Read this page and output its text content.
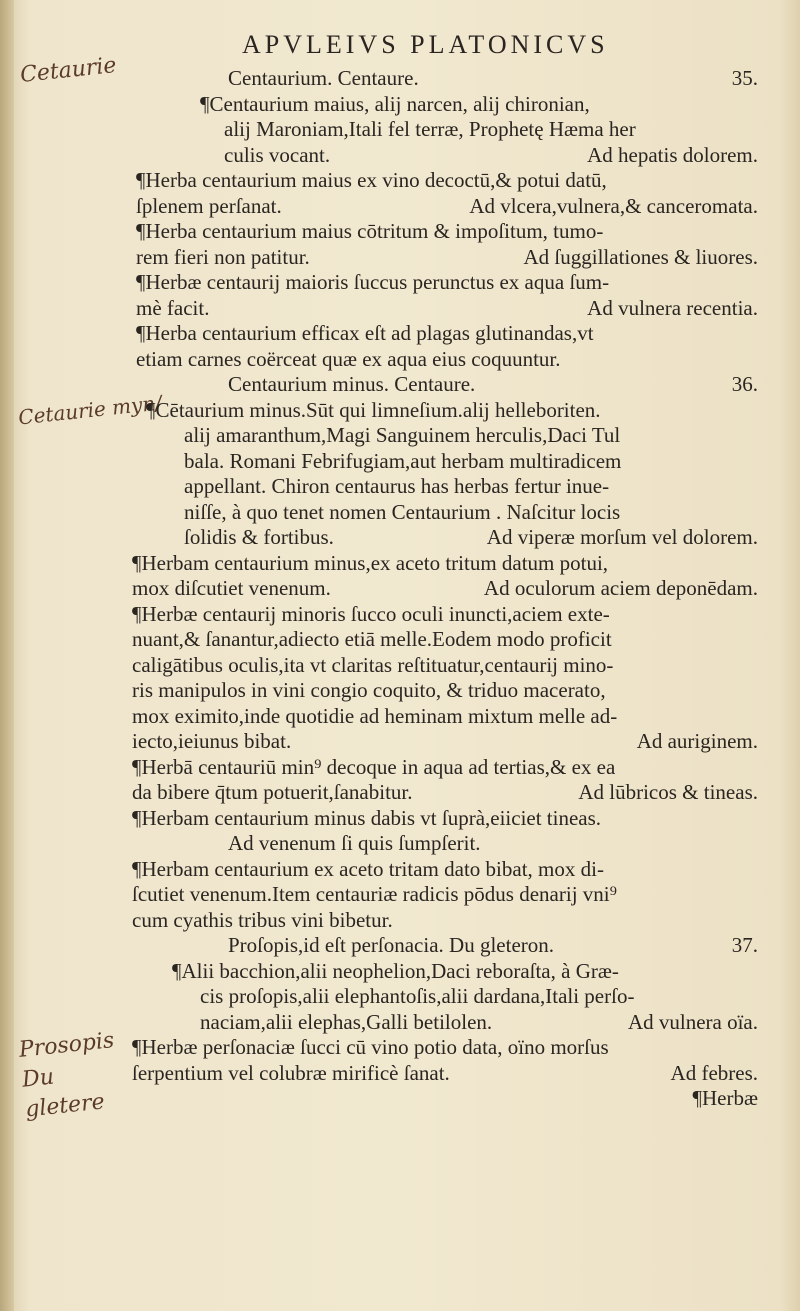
APVLEIVS PLATONICVS
Cetaurie
Cetaurie myn/
Prosopis Du gletere
Centaurium. Centaure.	35.
¶Centaurium maius, alij narcen, alij chironian,
alij Maroniam,Itali fel terræ, Prophetę Hæma her
culis vocant.	Ad hepatis dolorem.
¶Herba centaurium maius ex vino decoctū,& potui datū,
ſplenem perſanat.	Ad vlcera,vulnera,& canceromata.
¶Herba centaurium maius cōtritum & impoſitum, tumo-
rem fieri non patitur.	Ad ſuggillationes & liuores.
¶Herbæ centaurij maioris ſuccus perunctus ex aqua ſum-
mè facit.	Ad vulnera recentia.
¶Herba centaurium efficax eſt ad plagas glutinandas,vt
etiam carnes coërceat quæ ex aqua eius coquuntur.
Centaurium minus. Centaure.	36.
¶Cētaurium minus.Sūt qui limneſium.alij helleboriten.
alij amaranthum,Magi Sanguinem herculis,Daci Tul
bala. Romani Febrifugiam,aut herbam multiradicem
appellant. Chiron centaurus has herbas fertur inue-
niſſe, à quo tenet nomen Centaurium . Naſcitur locis
ſolidis & fortibus.	Ad viperæ morſum vel dolorem.
¶Herbam centaurium minus,ex aceto tritum datum potui,
mox diſcutiet venenum.	Ad oculorum aciem deponēdam.
¶Herbæ centaurij minoris ſucco oculi inuncti,aciem exte-
nuant,& ſanantur,adiecto etiā melle.Eodem modo proficit
caligātibus oculis,ita vt claritas reſtituatur,centaurij mino-
ris manipulos in vini congio coquito, & triduo macerato,
mox eximito,inde quotidie ad heminam mixtum melle ad-
iecto,ieiunus bibat.	Ad auriginem.
¶Herbā centauriū min⁹ decoque in aqua ad tertias,& ex ea
da bibere q̄tum potuerit,ſanabitur.	Ad lūbricos & tineas.
¶Herbam centaurium minus dabis vt ſuprà,eiiciet tineas.
Ad venenum ſi quis ſumpſerit.
¶Herbam centaurium ex aceto tritam dato bibat, mox di-
ſcutiet venenum.Item centauriæ radicis pōdus denarij vni⁹
cum cyathis tribus vini bibetur.
Proſopis,id eſt perſonacia. Du gleteron.	37.
¶Alii bacchion,alii neophelion,Daci reboraſta, à Græ-
cis proſopis,alii elephantoſis,alii dardana,Itali perſo-
naciam,alii elephas,Galli betilolen.	Ad vulnera oïa.
¶Herbæ perſonaciæ ſucci cū vino potio data, oïno morſus
ſerpentium vel colubræ mirificè ſanat.	Ad febres.
¶Herbæ
